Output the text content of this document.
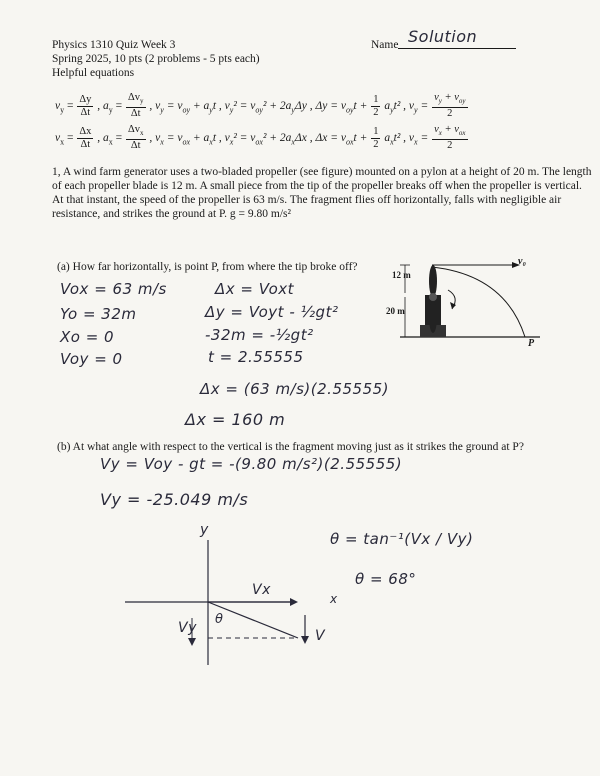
Physics 1310 Quiz Week 3
Spring 2025, 10 pts (2 problems - 5 pts each)
Helpful equations
Name Solution
$v_y = \frac{\Delta y}{\Delta t}$ , $a_y = \frac{\Delta v_y}{\Delta t}$ , $v_y = v_{oy} + a_yt$ , $v_y^2 = v_{oy}^2 + 2a_y\Delta y$ , $\Delta y = v_{oy}t + \frac{1}{2} a_yt^2$ , $v_y = \frac{v_y + v_{oy}}{2}$
$v_x = \frac{\Delta x}{\Delta t}$ , $a_x = \frac{\Delta v_x}{\Delta t}$ , $v_x = v_{ox} + a_xt$ , $v_x^2 = v_{ox}^2 + 2a_x\Delta x$ , $\Delta x = v_{ox}t + \frac{1}{2} a_xt^2$ , $v_x = \frac{v_x + v_{ox}}{2}$
1, A wind farm generator uses a two-bladed propeller (see figure) mounted on a pylon at a height of 20 m. The length of each propeller blade is 12 m. A small piece from the tip of the propeller breaks off when the propeller is vertical. At that instant, the speed of the propeller is 63 m/s. The fragment flies off horizontally, falls with negligible air resistance, and strikes the ground at P. g = 9.80 m/s²
(a) How far horizontally, is point P, from where the tip broke off?
12 m
20 m
v₀
P
Vox = 63 m/s
Yo = 32m
Xo = 0
Voy = 0
Δx = Voxt
Δy = Voyt - ½gt²
-32m = -½gt²
t = 2.55555
Δx = (63 m/s)(2.55555)
Δx = 160 m
(b) At what angle with respect to the vertical is the fragment moving just as it strikes the ground at P?
Vy = Voy - gt = -(9.80 m/s²)(2.55555)
Vy = -25.049 m/s
θ = tan⁻¹(Vx / Vy)
θ = 68°
y
x
Vx
Vy	V
θ
